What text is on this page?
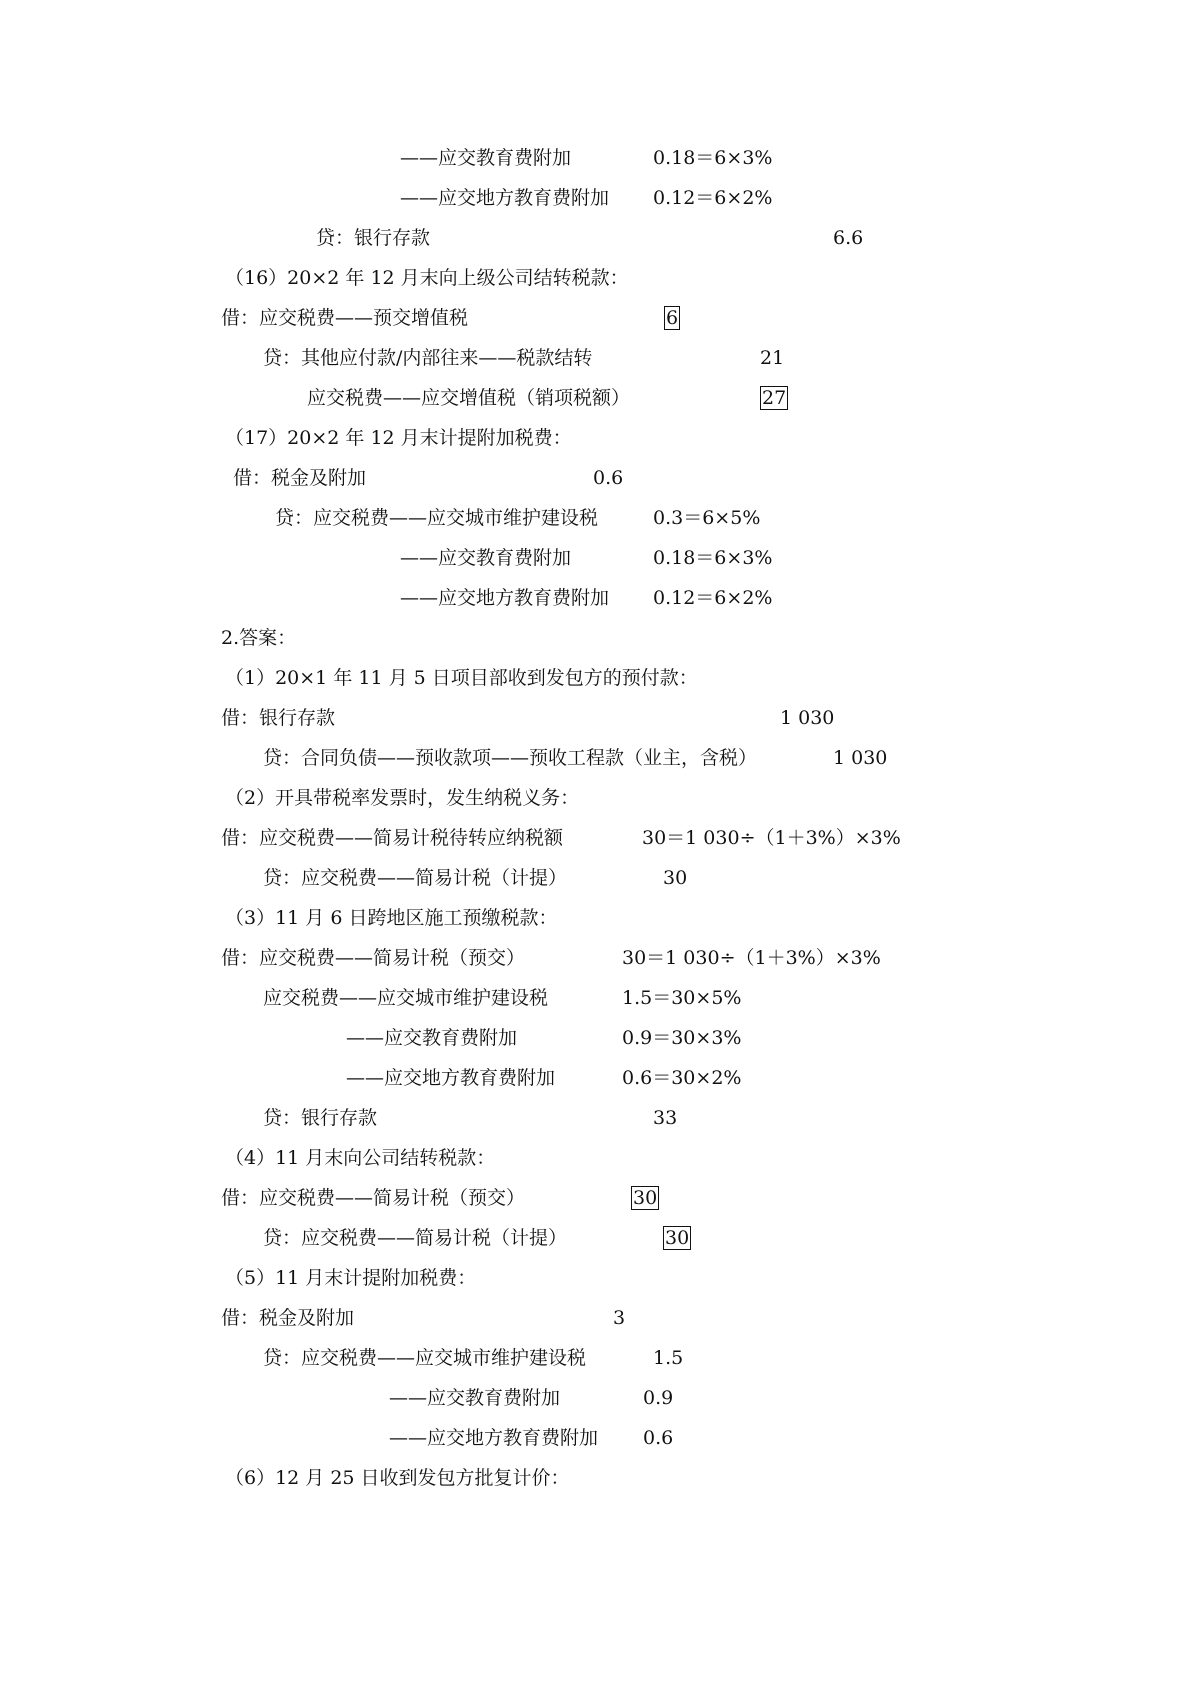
——应交教育费附加	0.18＝6×3%
——应交地方教育费附加 0.12＝6×2%
贷：银行存款	6.6
（16）20×2 年 12 月末向上级公司结转税款：
借：应交税费——预交增值税	6
贷：其他应付款/内部往来——税款结转	21
应交税费——应交增值税（销项税额）	27
（17）20×2 年 12 月末计提附加税费：
借：税金及附加	0.6
贷：应交税费——应交城市维护建设税	0.3＝6×5%
——应交教育费附加	0.18＝6×3%
——应交地方教育费附加 0.12＝6×2%
2.答案：
（1）20×1 年 11 月 5 日项目部收到发包方的预付款：
借：银行存款	1 030
贷：合同负债——预收款项——预收工程款（业主，含税）	1 030
（2）开具带税率发票时，发生纳税义务：
借：应交税费——简易计税待转应纳税额	30＝1 030÷（1＋3%）×3%
贷：应交税费——简易计税（计提）	30
（3）11 月 6 日跨地区施工预缴税款：
借：应交税费——简易计税（预交）	30＝1 030÷（1＋3%）×3%
应交税费——应交城市维护建设税	1.5＝30×5%
——应交教育费附加	0.9＝30×3%
——应交地方教育费附加	0.6＝30×2%
贷：银行存款	33
（4）11 月末向公司结转税款：
借：应交税费——简易计税（预交）	30
贷：应交税费——简易计税（计提）	30
（5）11 月末计提附加税费：
借：税金及附加	3
贷：应交税费——应交城市维护建设税	1.5
——应交教育费附加	0.9
——应交地方教育费附加 0.6
（6）12 月 25 日收到发包方批复计价：
